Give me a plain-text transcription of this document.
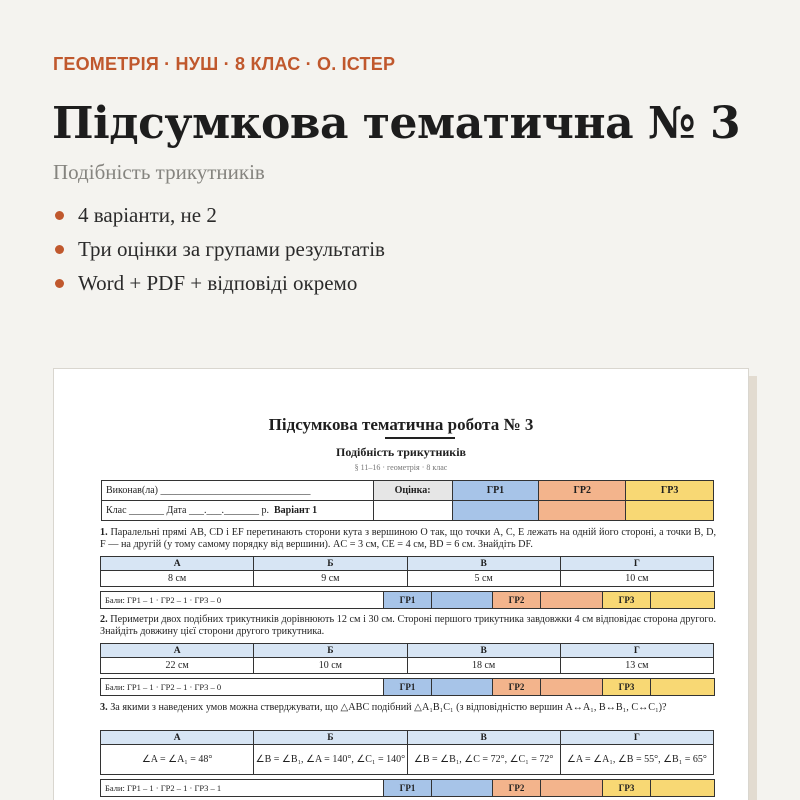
ГЕОМЕТРІЯ · НУШ · 8 КЛАС · О. ІСТЕР
Підсумкова тематична № 3
Подібність трикутників
4 варіанти, не 2
Три оцінки за групами результатів
Word + PDF + відповіді окремо
Підсумкова тематична робота № 3
Подібність трикутників
§ 11–16 · геометрія · 8 клас
Виконав(ла) ______________________________	Оцінка:	ГР1	ГР2	ГР3
Клас _______ Дата ___.___._______ р. Варіант 1				
1. Паралельні прямі AB, CD і EF перетинають сторони кута з вершиною O так, що точки A, C, E лежать на одній його стороні, а точки B, D, F — на другій (у тому самому порядку від вершини). AC = 3 см, CE = 4 см, BD = 6 см. Знайдіть DF.
А	Б	В	Г
8 см	9 см	5 см	10 см
Бали: ГР1 – 1 · ГР2 – 1 · ГР3 – 0	ГР1		ГР2		ГР3	
2. Периметри двох подібних трикутників дорівнюють 12 см і 30 см. Стороні першого трикутника завдовжки 4 см відповідає сторона другого. Знайдіть довжину цієї сторони другого трикутника.
А	Б	В	Г
22 см	10 см	18 см	13 см
Бали: ГР1 – 1 · ГР2 – 1 · ГР3 – 0	ГР1		ГР2		ГР3	
3. За якими з наведених умов можна стверджувати, що △ABC подібний △A₁B₁C₁ (з відповідністю вершин A↔A₁, B↔B₁, C↔C₁)?
А	Б	В	Г
∠A = ∠A₁ = 48°	∠B = ∠B₁, ∠A = 140°, ∠C₁ = 140°	∠B = ∠B₁, ∠C = 72°, ∠C₁ = 72°	∠A = ∠A₁, ∠B = 55°, ∠B₁ = 65°
Бали: ГР1 – 1 · ГР2 – 1 · ГР3 – 1	ГР1		ГР2		ГР3	
